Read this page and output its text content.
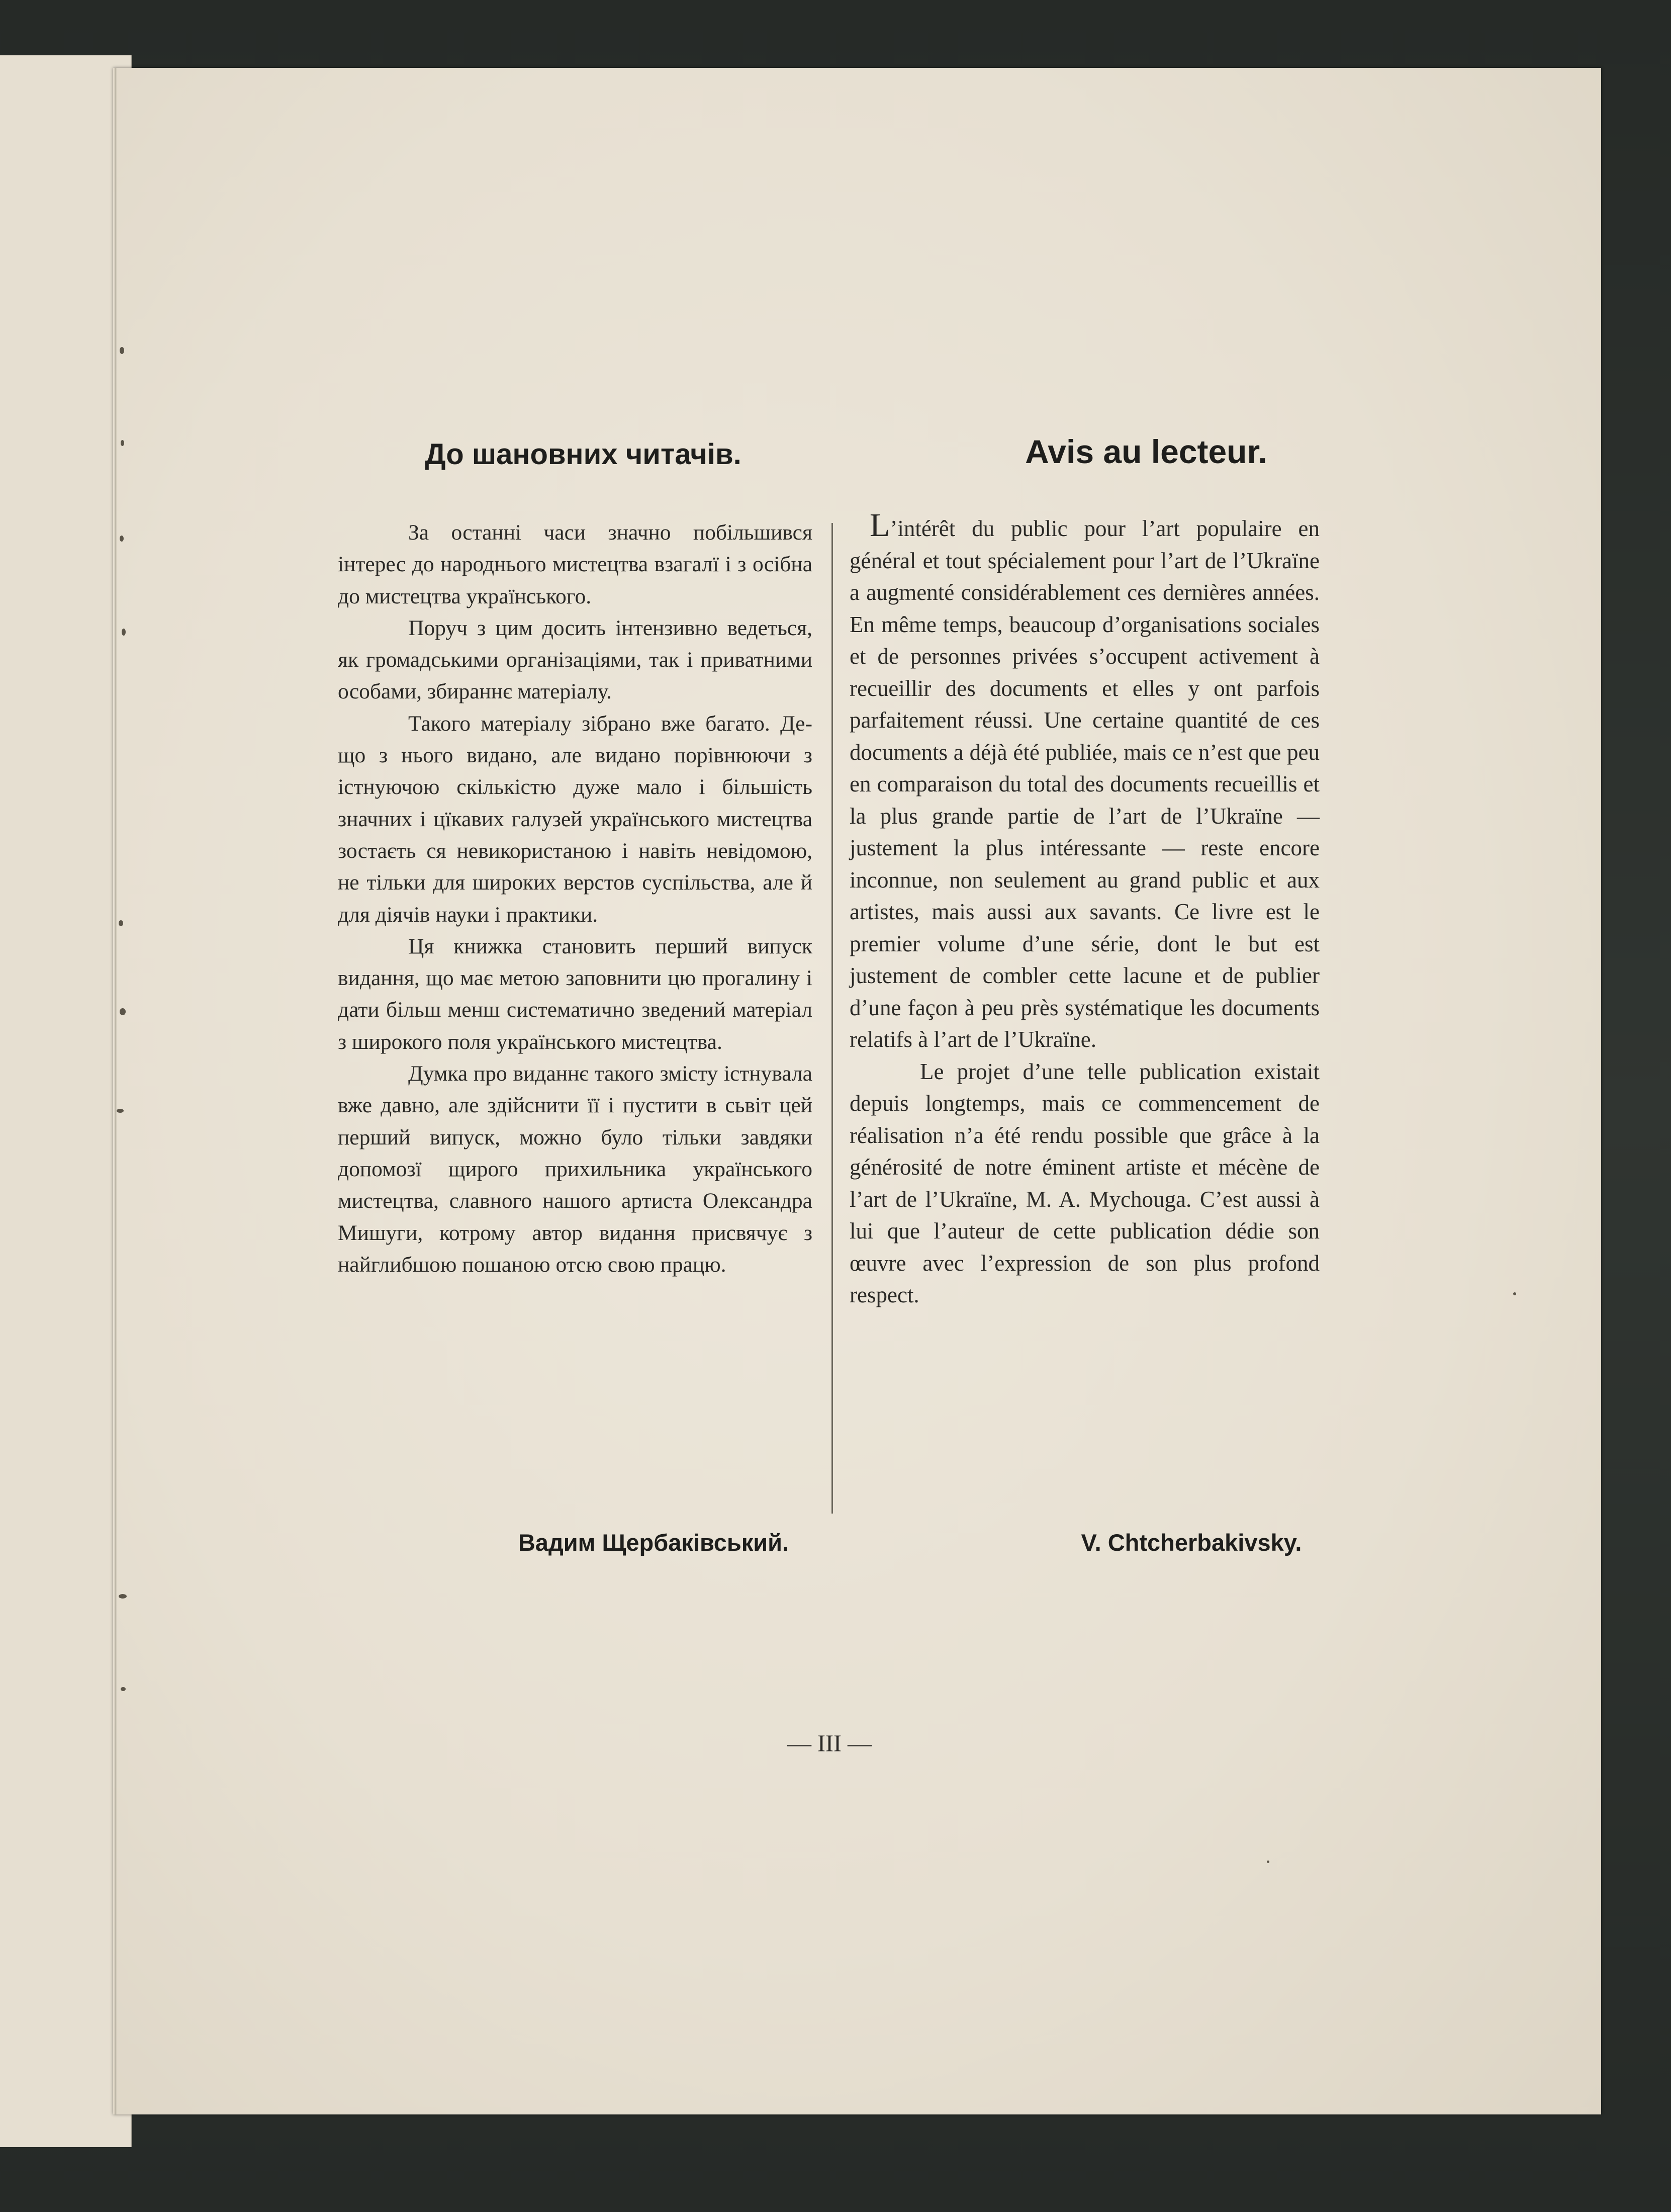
До шановних читачів.	Avis au lecteur.

За останні часи значно побільшився інтерес до народнього мистецтва взагалї і з осібна до мистецтва українського.

Поруч з цим досить інтензивно ведеться, як громадськими організаціями, так і приватними особами, збираннє матеріалу.

Такого матеріалу зібрано вже багато. Де-що з нього видано, але видано порівнюючи з істнуючою скількістю дуже мало і більшість значних і цїкавих галузей українського мистецтва зостаєть ся невикористаною і навіть невідомою, не тільки для широких верстов суспільства, але й для діячів науки і практики.

Ця книжка становить перший випуск видання, що має метою заповнити цю прогалину і дати більш менш систематично зведений матеріал з широкого поля українського мистецтва.

Думка про виданнє такого змісту істнувала вже давно, але здійснити її і пустити в сьвіт цей перший випуск, можно було тільки завдяки допомозї щирого прихильника українського мистецтва, славного нашого артиста Олександра Мишуги, котрому автор видання присвячує з найглибшою пошаною отсю свою працю.

L’intérêt du public pour l’art populaire en général et tout spécialement pour l’art de l’Ukraïne a augmenté considérablement ces dernières années. En même temps, beaucoup d’organisations sociales et de personnes privées s’occupent activement à recueillir des documents et elles y ont parfois parfaitement réussi. Une certaine quantité de ces documents a déjà été publiée, mais ce n’est que peu en comparaison du total des documents recueillis et la plus grande partie de l’art de l’Ukraïne — justement la plus intéressante — reste encore inconnue, non seulement au grand public et aux artistes, mais aussi aux savants. Ce livre est le premier volume d’une série, dont le but est justement de combler cette lacune et de publier d’une façon à peu près systématique les documents relatifs à l’art de l’Ukraïne.

Le projet d’une telle publication existait depuis longtemps, mais ce commencement de réalisation n’a été rendu possible que grâce à la générosité de notre éminent artiste et mécène de l’art de l’Ukraïne, M. A. Mychouga. C’est aussi à lui que l’auteur de cette publication dédie son œuvre avec l’expression de son plus profond respect.

Вадим Щербаківський.	V. Chtcherbakivsky.
— III —
